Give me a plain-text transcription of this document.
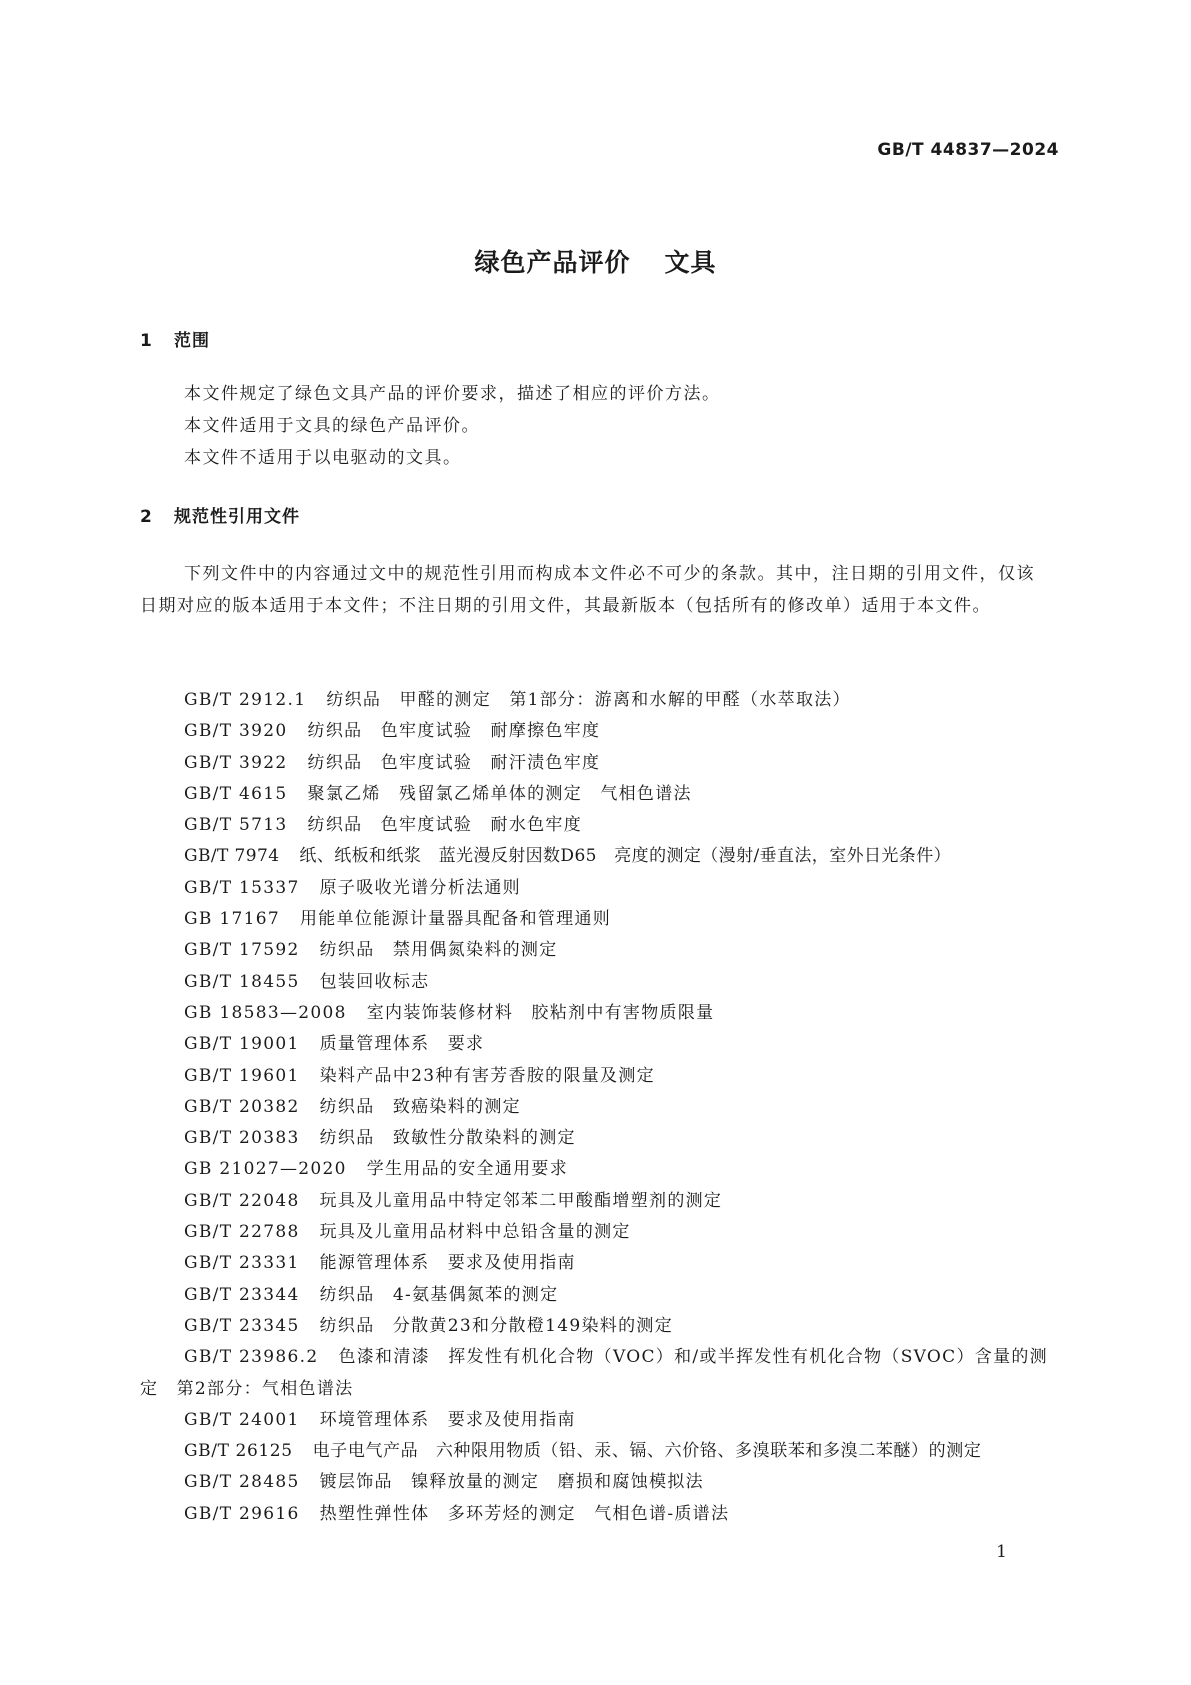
GB/T 44837—2024
绿色产品评价 文具
1 范围

本文件规定了绿色文具产品的评价要求，描述了相应的评价方法。

本文件适用于文具的绿色产品评价。

本文件不适用于以电驱动的文具。

2 规范性引用文件

下列文件中的内容通过文中的规范性引用而构成本文件必不可少的条款。其中，注日期的引用文件，仅该日期对应的版本适用于本文件；不注日期的引用文件，其最新版本（包括所有的修改单）适用于本文件。

GB/T 2912.1 纺织品　甲醛的测定　第1部分：游离和水解的甲醛（水萃取法）

GB/T 3920 纺织品　色牢度试验　耐摩擦色牢度

GB/T 3922 纺织品　色牢度试验　耐汗渍色牢度

GB/T 4615 聚氯乙烯　残留氯乙烯单体的测定　气相色谱法

GB/T 5713 纺织品　色牢度试验　耐水色牢度

GB/T 7974 纸、纸板和纸浆　蓝光漫反射因数D65　亮度的测定（漫射/垂直法，室外日光条件）

GB/T 15337 原子吸收光谱分析法通则

GB 17167 用能单位能源计量器具配备和管理通则

GB/T 17592 纺织品　禁用偶氮染料的测定

GB/T 18455 包装回收标志

GB 18583—2008 室内装饰装修材料　胶粘剂中有害物质限量

GB/T 19001 质量管理体系　要求

GB/T 19601 染料产品中23种有害芳香胺的限量及测定

GB/T 20382 纺织品　致癌染料的测定

GB/T 20383 纺织品　致敏性分散染料的测定

GB 21027—2020 学生用品的安全通用要求

GB/T 22048 玩具及儿童用品中特定邻苯二甲酸酯增塑剂的测定

GB/T 22788 玩具及儿童用品材料中总铅含量的测定

GB/T 23331 能源管理体系　要求及使用指南

GB/T 23344 纺织品　4-氨基偶氮苯的测定

GB/T 23345 纺织品　分散黄23和分散橙149染料的测定

GB/T 23986.2 色漆和清漆　挥发性有机化合物（VOC）和/或半挥发性有机化合物（SVOC）含量的测定　第2部分：气相色谱法

GB/T 24001 环境管理体系　要求及使用指南

GB/T 26125 电子电气产品　六种限用物质（铅、汞、镉、六价铬、多溴联苯和多溴二苯醚）的测定

GB/T 28485 镀层饰品　镍释放量的测定　磨损和腐蚀模拟法

GB/T 29616 热塑性弹性体　多环芳烃的测定　气相色谱-质谱法

1
